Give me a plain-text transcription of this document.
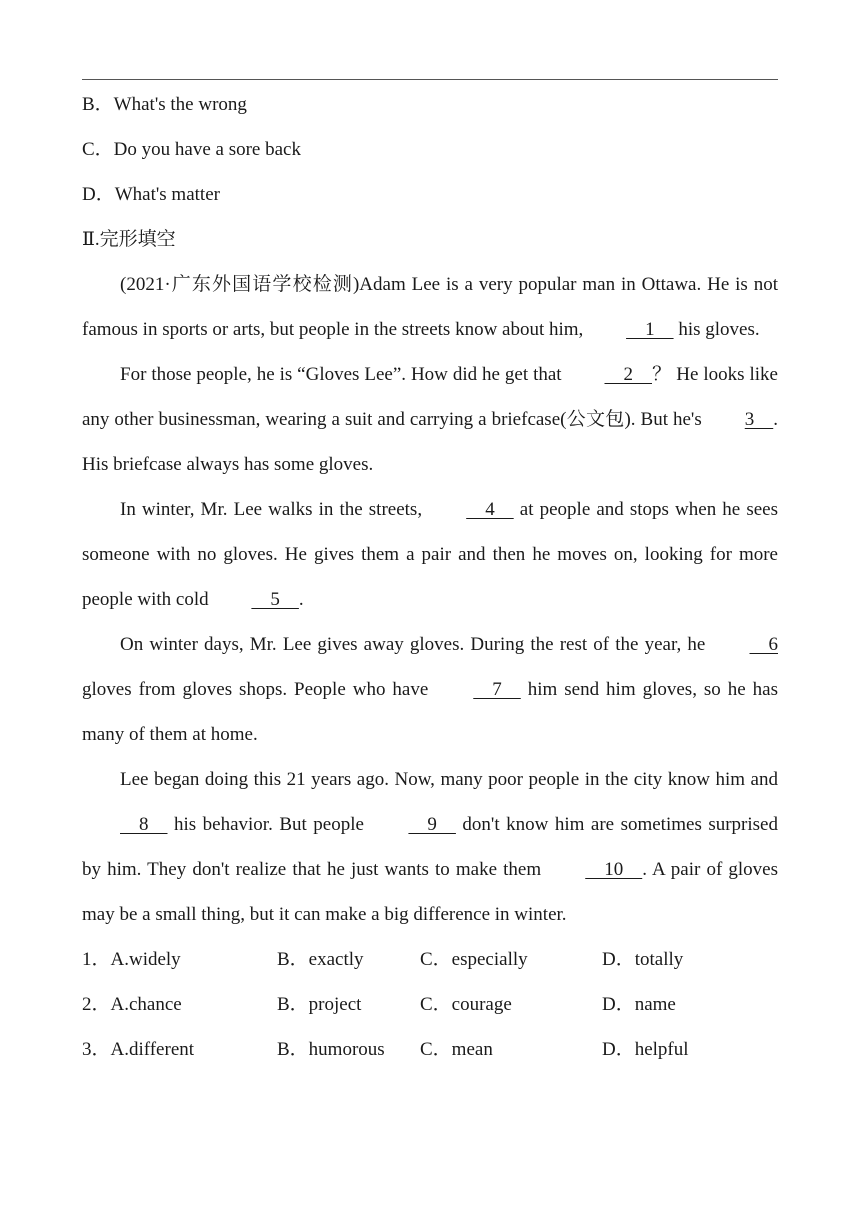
B．What's the wrong
C．Do you have a sore back
D．What's matter
Ⅱ.完形填空

(2021·广东外国语学校检测)Adam Lee is a very popular man in Ottawa. He is not famous in sports or arts, but people in the streets know about him,     1     his gloves.

For those people, he is “Gloves Lee”. How did he get that     2    ？ He looks like any other businessman, wearing a suit and carrying a briefcase(公文包). But he's 3    . His briefcase always has some gloves.

In winter, Mr. Lee walks in the streets,     4     at people and stops when he sees someone with no gloves. He gives them a pair and then he moves on, looking for more people with cold     5    .

On winter days, Mr. Lee gives away gloves. During the rest of the year, he     6 gloves from gloves shops. People who have     7     him send him gloves, so he has many of them at home.

Lee began doing this 21 years ago. Now, many poor people in the city know him and     8     his behavior. But people     9     don't know him are sometimes surprised by him. They don't realize that he just wants to make them     10    . A pair of gloves may be a small thing, but it can make a big difference in winter.

1．A.widely	B．exactly	C．especially	D．totally
2．A.chance	B．project	C．courage	D．name
3．A.different	B．humorous	C．mean	D．helpful
